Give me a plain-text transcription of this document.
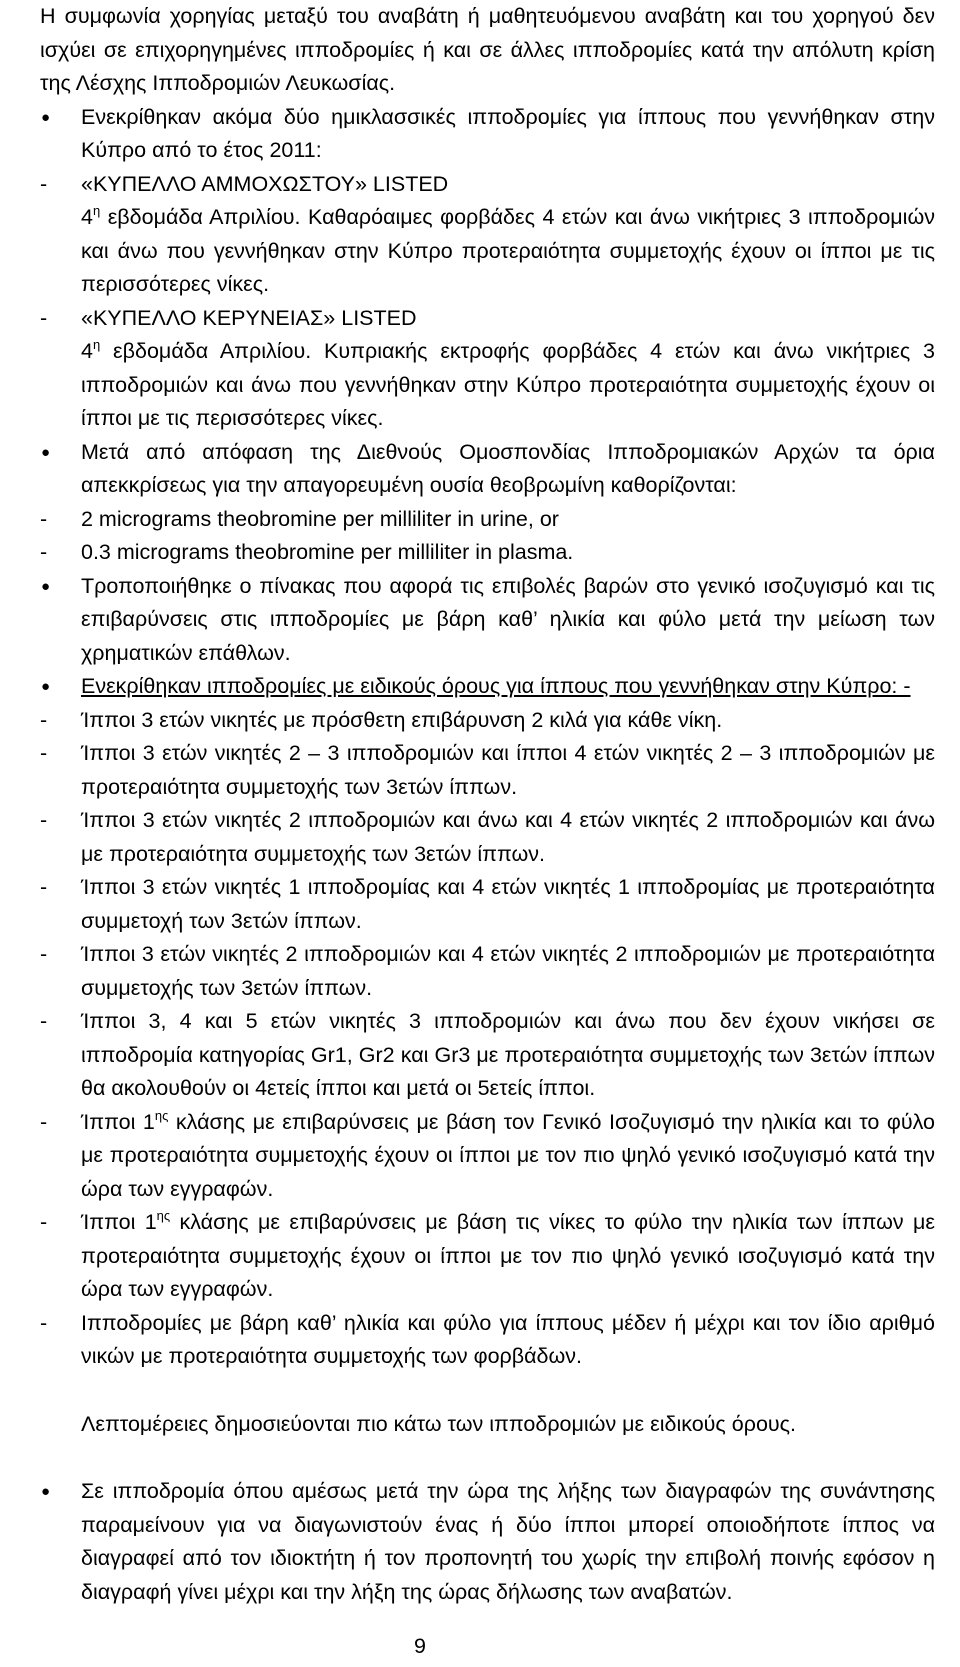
Η συμφωνία χορηγίας μεταξύ του αναβάτη ή μαθητευόμενου αναβάτη και του χορηγού δεν ισχύει σε επιχορηγημένες ιπποδρομίες ή και σε άλλες ιπποδρομίες κατά την απόλυτη κρίση της Λέσχης Ιπποδρομιών Λευκωσίας.

●	Ενεκρίθηκαν ακόμα δύο ημικλασσικές ιπποδρομίες για ίππους που γεννήθηκαν στην Κύπρο από το έτος 2011:

-	«ΚΥΠΕΛΛΟ ΑΜΜΟΧΩΣΤΟΥ» LISTED

$4^\eta$ εβδομάδα Απριλίου. Καθαρόαιμες φορβάδες 4 ετών και άνω νικήτριες 3 ιπποδρομιών και άνω που γεννήθηκαν στην Κύπρο προτεραιότητα συμμετοχής έχουν οι ίπποι με τις περισσότερες νίκες.

-	«ΚΥΠΕΛΛΟ ΚΕΡΥΝΕΙΑΣ» LISTED

$4^\eta$ εβδομάδα Απριλίου. Κυπριακής εκτροφής φορβάδες 4 ετών και άνω νικήτριες 3 ιπποδρομιών και άνω που γεννήθηκαν στην Κύπρο προτεραιότητα συμμετοχής έχουν οι ίπποι με τις περισσότερες νίκες.

●	Μετά από απόφαση της Διεθνούς Ομοσπονδίας Ιπποδρομιακών Αρχών τα όρια απεκκρίσεως για την απαγορευμένη ουσία θεοβρωμίνη καθορίζονται:

-	2 micrograms theobromine per milliliter in urine, or

-	0.3 micrograms theobromine per milliliter in plasma.

●	Τροποποιήθηκε ο πίνακας που αφορά τις επιβολές βαρών στο γενικό ισοζυγισμό και τις επιβαρύνσεις στις ιπποδρομίες με βάρη καθ’ ηλικία και φύλο μετά την μείωση των χρηματικών επάθλων.

●	Ενεκρίθηκαν ιπποδρομίες με ειδικούς όρους για ίππους που γεννήθηκαν στην Κύπρο: -

-	Ίπποι 3 ετών νικητές με πρόσθετη επιβάρυνση 2 κιλά για κάθε νίκη.

-	Ίπποι 3 ετών νικητές 2 – 3 ιπποδρομιών και ίπποι 4 ετών νικητές 2 – 3 ιπποδρομιών με προτεραιότητα συμμετοχής των 3ετών ίππων.

-	Ίπποι 3 ετών νικητές 2 ιπποδρομιών και άνω και 4 ετών νικητές 2 ιπποδρομιών και άνω με προτεραιότητα συμμετοχής των 3ετών ίππων.

-	Ίπποι 3 ετών νικητές 1 ιπποδρομίας και 4 ετών νικητές 1 ιπποδρομίας με προτεραιότητα συμμετοχή των 3ετών ίππων.

-	Ίπποι 3 ετών νικητές 2 ιπποδρομιών και 4 ετών νικητές 2 ιπποδρομιών με προτεραιότητα συμμετοχής των 3ετών ίππων.

-	Ίπποι 3, 4 και 5 ετών νικητές 3 ιπποδρομιών και άνω που δεν έχουν νικήσει σε ιπποδρομία κατηγορίας Gr1, Gr2 και Gr3 με προτεραιότητα συμμετοχής των 3ετών ίππων θα ακολουθούν οι 4ετείς ίπποι και μετά οι 5ετείς ίπποι.

-	Ίπποι $1^{\eta\varsigma}$ κλάσης με επιβαρύνσεις με βάση τον Γενικό Ισοζυγισμό την ηλικία και το φύλο με προτεραιότητα συμμετοχής έχουν οι ίπποι με τον πιο ψηλό γενικό ισοζυγισμό κατά την ώρα των εγγραφών.

-	Ίπποι $1^{\eta\varsigma}$ κλάσης με επιβαρύνσεις με βάση τις νίκες το φύλο την ηλικία των ίππων με προτεραιότητα συμμετοχής έχουν οι ίπποι με τον πιο ψηλό γενικό ισοζυγισμό κατά την ώρα των εγγραφών.

-	Ιπποδρομίες με βάρη καθ’ ηλικία και φύλο για ίππους μέδεν ή μέχρι και τον ίδιο αριθμό νικών με προτεραιότητα συμμετοχής των φορβάδων.

Λεπτομέρειες δημοσιεύονται πιο κάτω των ιπποδρομιών με ειδικούς όρους.

●	Σε ιπποδρομία όπου αμέσως μετά την ώρα της λήξης των διαγραφών της συνάντησης παραμείνουν για να διαγωνιστούν ένας ή δύο ίπποι μπορεί οποιοδήποτε ίππος να διαγραφεί από τον ιδιοκτήτη ή τον προπονητή του χωρίς την επιβολή ποινής εφόσον η διαγραφή γίνει μέχρι και την λήξη της ώρας δήλωσης των αναβατών.

9
